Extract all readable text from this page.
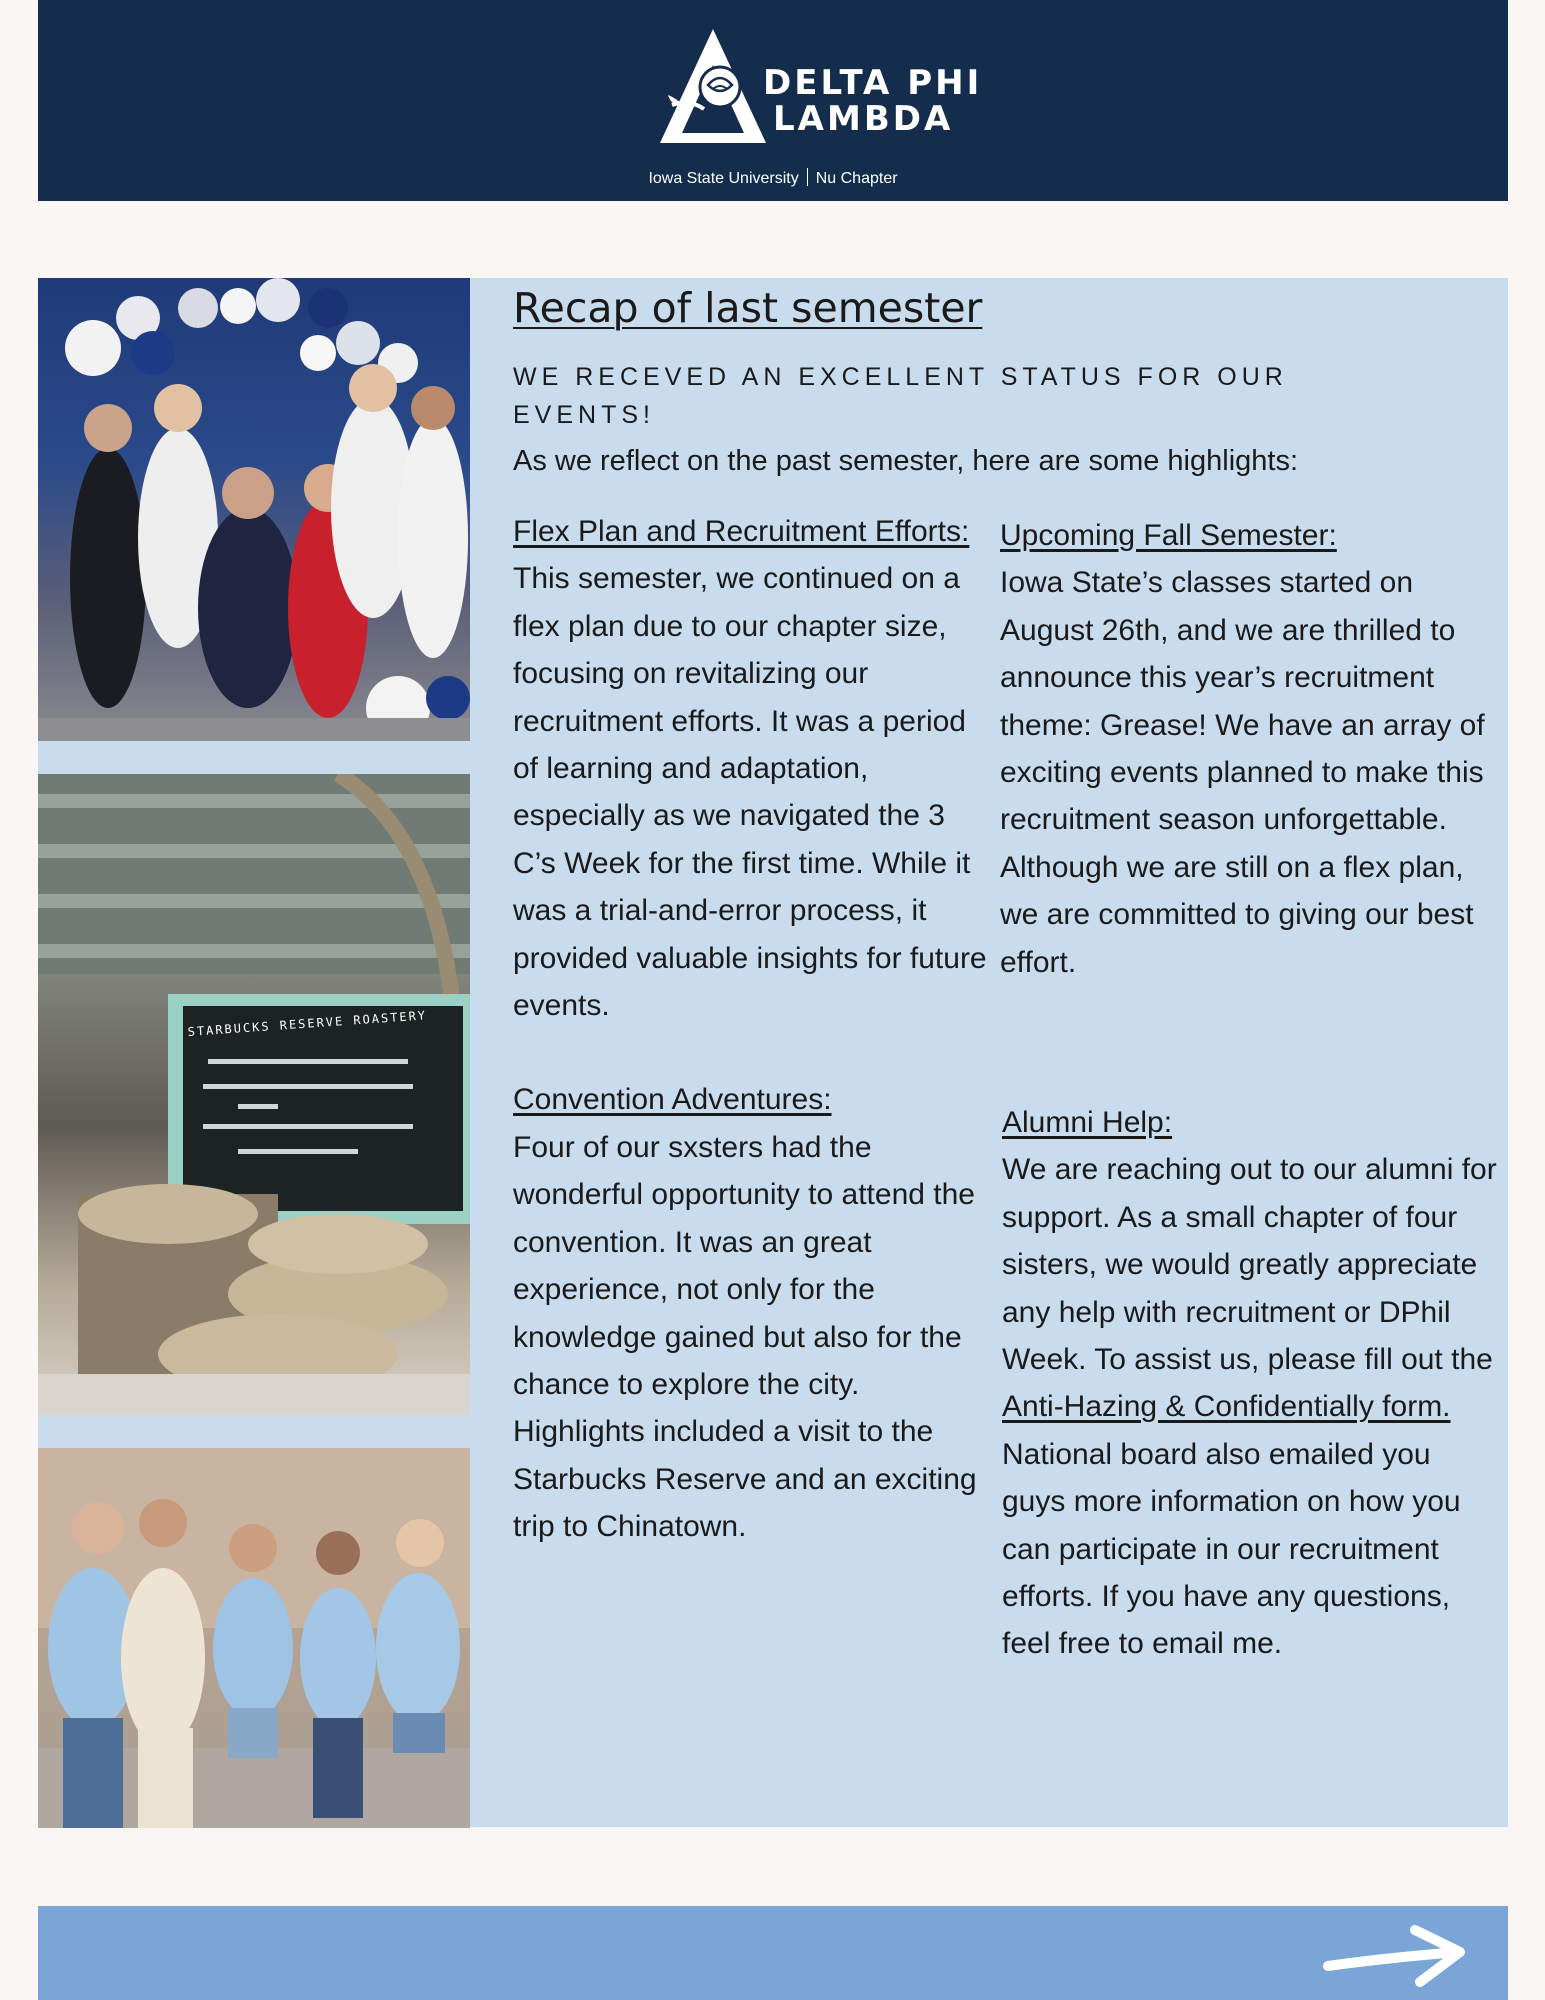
DELTA PHI
LAMBDA
Iowa State University Nu Chapter
STARBUCKS RESERVE ROASTERY
Recap of last semester
WE RECEVED AN EXCELLENT STATUS FOR OUR EVENTS!
As we reflect on the past semester, here are some highlights:
Flex Plan and Recruitment Efforts:
This semester, we continued on a flex plan due to our chapter size, focusing on revitalizing our recruitment efforts. It was a period of learning and adaptation, especially as we navigated the 3 C’s Week for the first time. While it was a trial-and-error process, it provided valuable insights for future events.
Convention Adventures:
Four of our sxsters had the wonderful opportunity to attend the convention. It was an great experience, not only for the knowledge gained but also for the chance to explore the city. Highlights included a visit to the Starbucks Reserve and an exciting trip to Chinatown.
Upcoming Fall Semester:
Iowa State’s classes started on August 26th, and we are thrilled to announce this year’s recruitment theme: Grease! We have an array of exciting events planned to make this recruitment season unforgettable. Although we are still on a flex plan, we are committed to giving our best effort.
Alumni Help:
We are reaching out to our alumni for support. As a small chapter of four sisters, we would greatly appreciate any help with recruitment or DPhil Week. To assist us, please fill out the Anti-Hazing & Confidentially form. National board also emailed you guys more information on how you can participate in our recruitment efforts. If you have any questions, feel free to email me.
